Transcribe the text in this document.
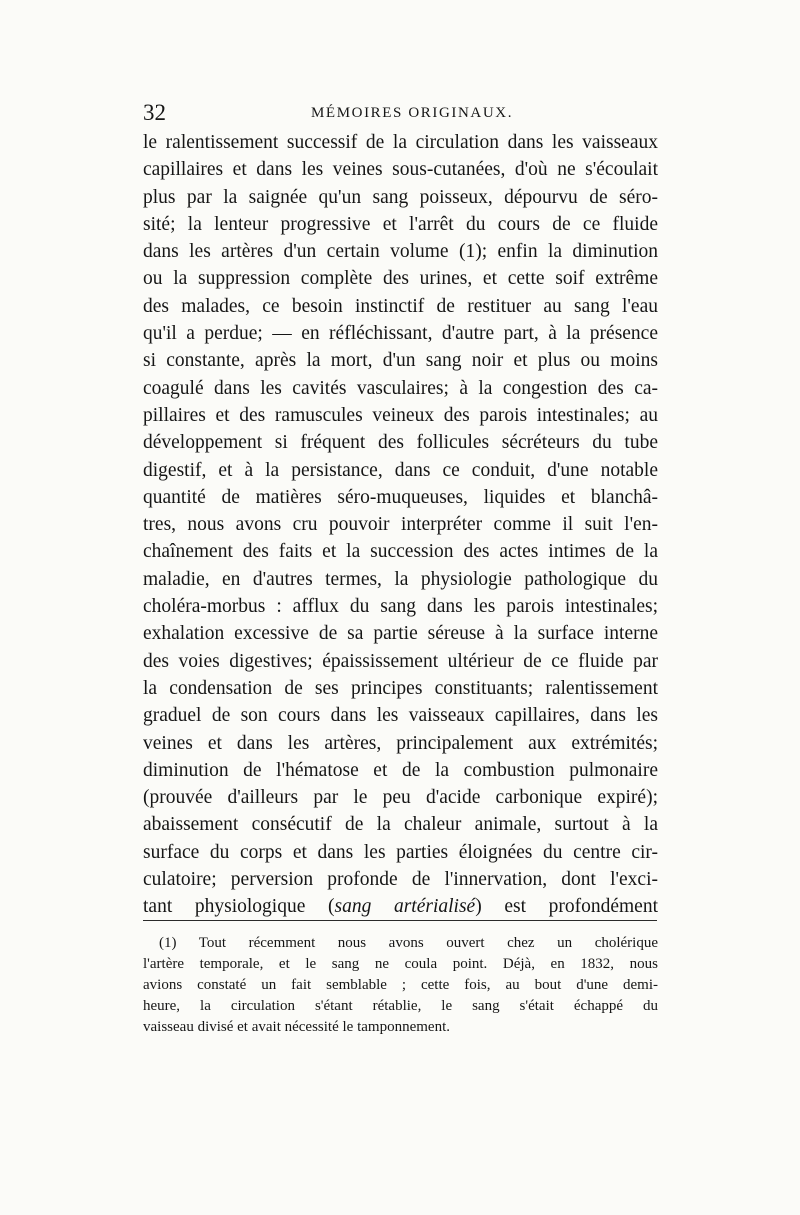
32	MÉMOIRES ORIGINAUX.
le ralentissement successif de la circulation dans les vaisseaux
capillaires et dans les veines sous-cutanées, d'où ne s'écoulait
plus par la saignée qu'un sang poisseux, dépourvu de séro-
sité; la lenteur progressive et l'arrêt du cours de ce fluide
dans les artères d'un certain volume (1); enfin la diminution
ou la suppression complète des urines, et cette soif extrême
des malades, ce besoin instinctif de restituer au sang l'eau
qu'il a perdue; — en réfléchissant, d'autre part, à la présence
si constante, après la mort, d'un sang noir et plus ou moins
coagulé dans les cavités vasculaires; à la congestion des ca-
pillaires et des ramuscules veineux des parois intestinales; au
développement si fréquent des follicules sécréteurs du tube
digestif, et à la persistance, dans ce conduit, d'une notable
quantité de matières séro-muqueuses, liquides et blanchâ-
tres, nous avons cru pouvoir interpréter comme il suit l'en-
chaînement des faits et la succession des actes intimes de la
maladie, en d'autres termes, la physiologie pathologique du
choléra-morbus : afflux du sang dans les parois intestinales;
exhalation excessive de sa partie séreuse à la surface interne
des voies digestives; épaississement ultérieur de ce fluide par
la condensation de ses principes constituants; ralentissement
graduel de son cours dans les vaisseaux capillaires, dans les
veines et dans les artères, principalement aux extrémités;
diminution de l'hématose et de la combustion pulmonaire
(prouvée d'ailleurs par le peu d'acide carbonique expiré);
abaissement consécutif de la chaleur animale, surtout à la
surface du corps et dans les parties éloignées du centre cir-
culatoire; perversion profonde de l'innervation, dont l'exci-
tant physiologique (sang artérialisé) est profondément
(1) Tout récemment nous avons ouvert chez un cholérique
l'artère temporale, et le sang ne coula point. Déjà, en 1832, nous
avions constaté un fait semblable ; cette fois, au bout d'une demi-
heure, la circulation s'étant rétablie, le sang s'était échappé du
vaisseau divisé et avait nécessité le tamponnement.
